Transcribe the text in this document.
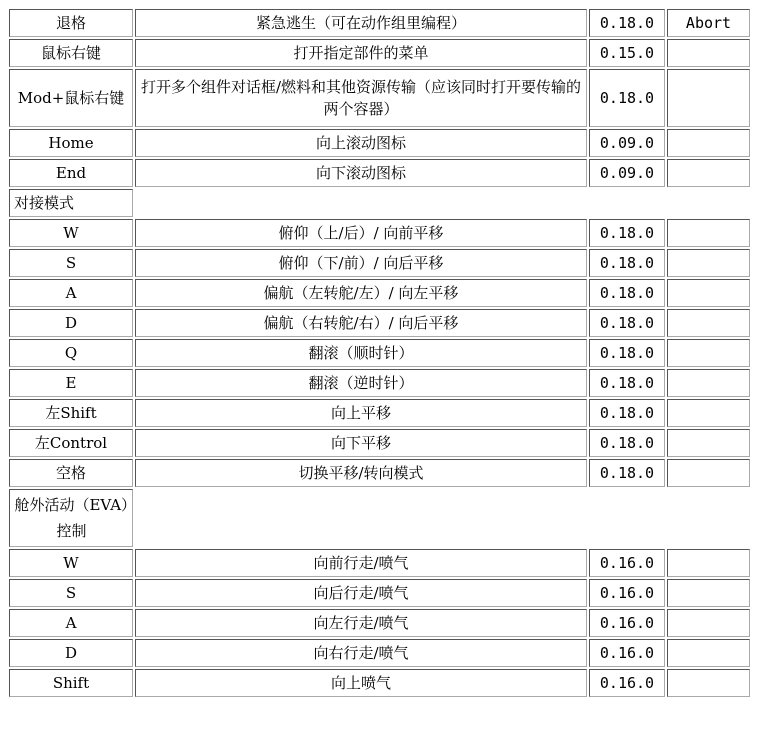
退格	紧急逃生（可在动作组里编程）	0.18.0	Abort
鼠标右键	打开指定部件的菜单	0.15.0	
Mod+鼠标右键	打开多个组件对话框/燃料和其他资源传输（应该同时打开要传输的两个容器）	0.18.0	
Home	向上滚动图标	0.09.0	
End	向下滚动图标	0.09.0	
对接模式			
W	俯仰（上/后）/ 向前平移	0.18.0	
S	俯仰（下/前）/ 向后平移	0.18.0	
A	偏航（左转舵/左）/ 向左平移	0.18.0	
D	偏航（右转舵/右）/ 向后平移	0.18.0	
Q	翻滚（顺时针）	0.18.0	
E	翻滚（逆时针）	0.18.0	
左Shift	向上平移	0.18.0	
左Control	向下平移	0.18.0	
空格	切换平移/转向模式	0.18.0	
舱外活动（EVA）控制			
W	向前行走/喷气	0.16.0	
S	向后行走/喷气	0.16.0	
A	向左行走/喷气	0.16.0	
D	向右行走/喷气	0.16.0	
Shift	向上喷气	0.16.0	
